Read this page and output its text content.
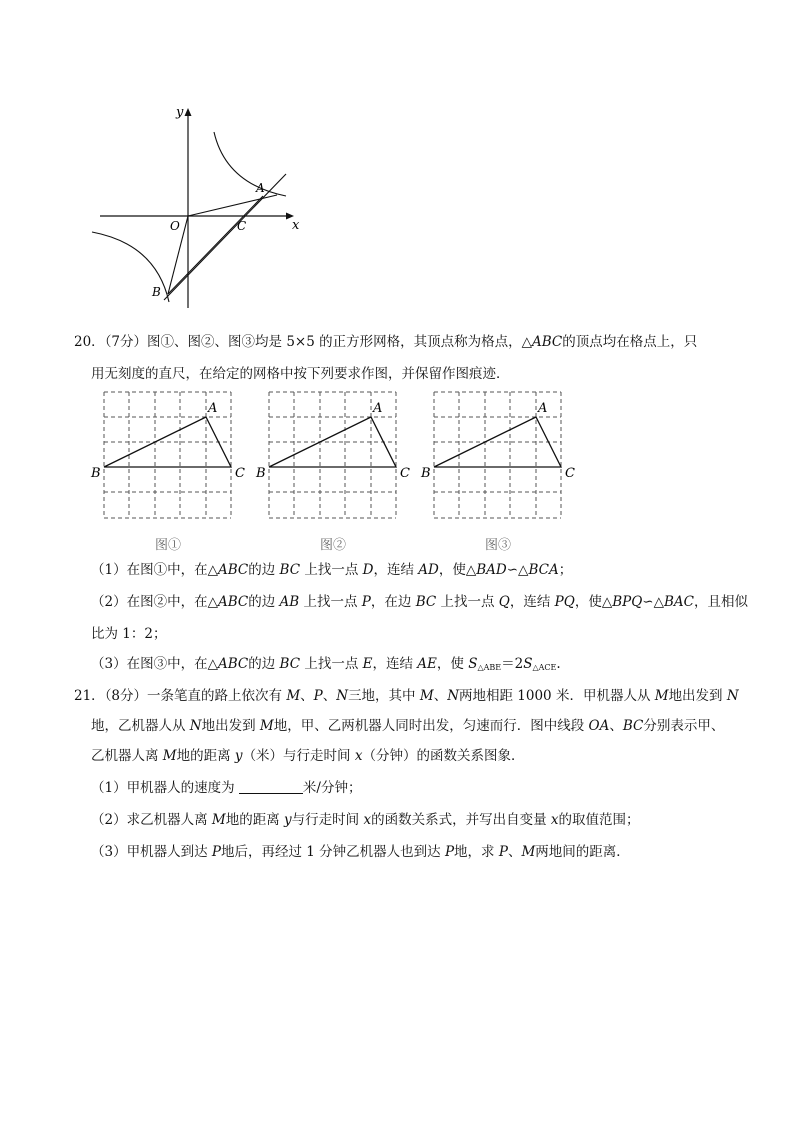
y
x
O
A
B
C
20．（7分）图①、图②、图③均是 5×5 的正方形网格，其顶点称为格点，△ABC的顶点均在格点上，只
用无刻度的直尺，在给定的网格中按下列要求作图，并保留作图痕迹．
A
B	C
图①
A
B	C
图②
A
B	C
图③
（1）在图①中，在△ABC的边 BC 上找一点 D，连结 AD，使△BAD∽△BCA；
（2）在图②中，在△ABC的边 AB 上找一点 P，在边 BC 上找一点 Q，连结 PQ，使△BPQ∽△BAC，且相似
比为 1：2；
（3）在图③中，在△ABC的边 BC 上找一点 E，连结 AE，使 $S_{\triangle ABE}=2S_{\triangle ACE}$.
21．（8分）一条笔直的路上依次有 M、P、N三地，其中 M、N两地相距 1000 米．甲机器人从 M地出发到 N
地，乙机器人从 N地出发到 M地，甲、乙两机器人同时出发，匀速而行．图中线段 OA、BC分别表示甲、
乙机器人离 M地的距离 y（米）与行走时间 x（分钟）的函数关系图象．
（1）甲机器人的速度为	米/分钟；
（2）求乙机器人离 M地的距离 y与行走时间 x的函数关系式，并写出自变量 x的取值范围；
（3）甲机器人到达 P地后，再经过 1 分钟乙机器人也到达 P地，求 P、M两地间的距离．
